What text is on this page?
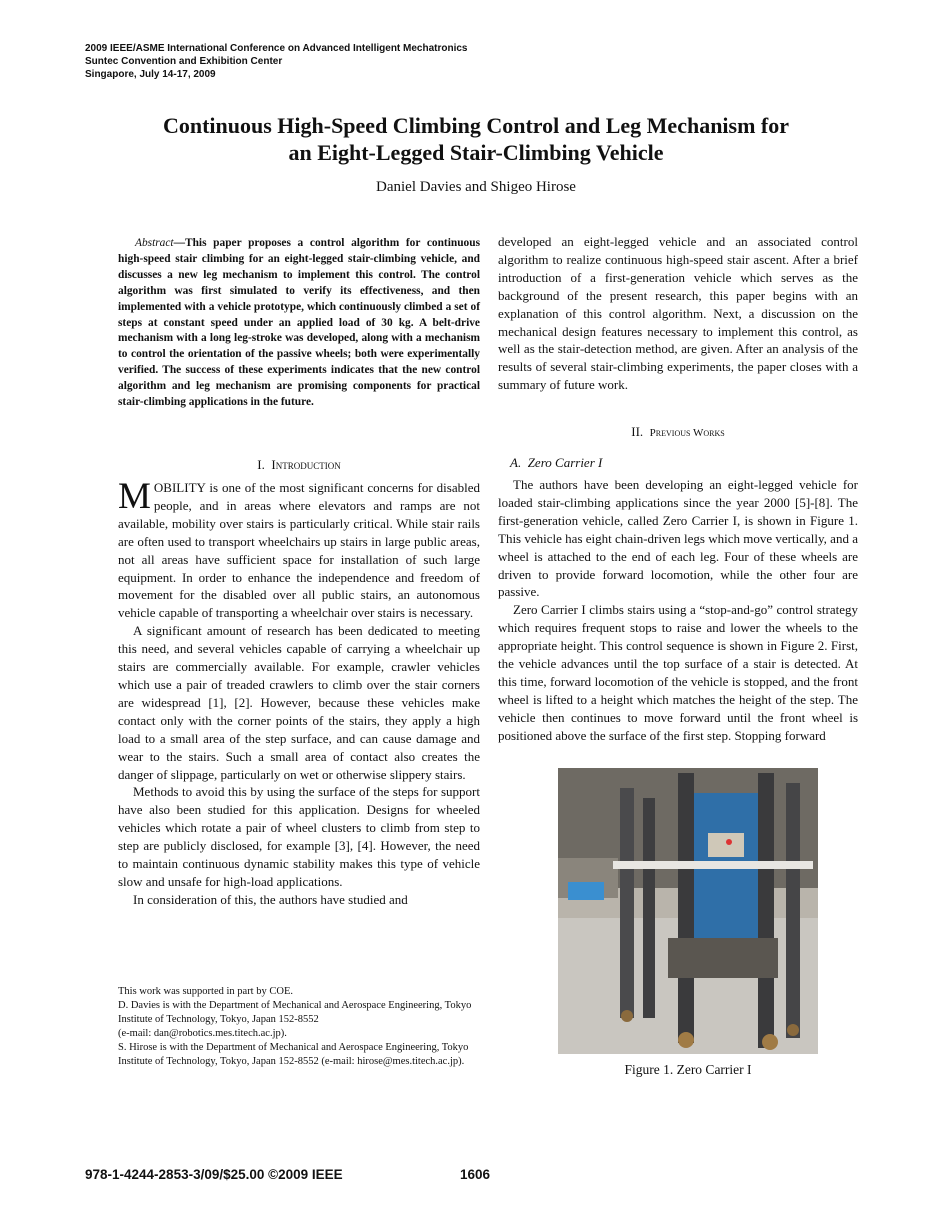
2009 IEEE/ASME International Conference on Advanced Intelligent Mechatronics
Suntec Convention and Exhibition Center
Singapore, July 14-17, 2009
Continuous High-Speed Climbing Control and Leg Mechanism for
an Eight-Legged Stair-Climbing Vehicle
Daniel Davies and Shigeo Hirose
Abstract—This paper proposes a control algorithm for continuous high-speed stair climbing for an eight-legged stair-climbing vehicle, and discusses a new leg mechanism to implement this control. The control algorithm was first simulated to verify its effectiveness, and then implemented with a vehicle prototype, which continuously climbed a set of steps at constant speed under an applied load of 30 kg. A belt-drive mechanism with a long leg-stroke was developed, along with a mechanism to control the orientation of the passive wheels; both were experimentally verified. The success of these experiments indicates that the new control algorithm and leg mechanism are promising components for practical stair-climbing applications in the future.
I. Introduction

MOBILITY is one of the most significant concerns for disabled people, and in areas where elevators and ramps are not available, mobility over stairs is particularly critical. While stair rails are often used to transport wheelchairs up stairs in large public areas, not all areas have sufficient space for installation of such large equipment. In order to enhance the independence and freedom of movement for the disabled over all public stairs, an autonomous vehicle capable of transporting a wheelchair over stairs is necessary.

A significant amount of research has been dedicated to meeting this need, and several vehicles capable of carrying a wheelchair up stairs are commercially available. For example, crawler vehicles which use a pair of treaded crawlers to climb over the stair corners are widespread [1], [2]. However, because these vehicles make contact only with the corner points of the stairs, they apply a high load to a small area of the step surface, and can cause damage and wear to the stairs. Such a small area of contact also creates the danger of slippage, particularly on wet or otherwise slippery stairs.

Methods to avoid this by using the surface of the steps for support have also been studied for this application. Designs for wheeled vehicles which rotate a pair of wheel clusters to climb from step to step are publicly disclosed, for example [3], [4]. However, the need to maintain continuous dynamic stability makes this type of vehicle slow and unsafe for high-load applications.

In consideration of this, the authors have studied and

This work was supported in part by COE.
D. Davies is with the Department of Mechanical and Aerospace Engineering, Tokyo Institute of Technology, Tokyo, Japan 152-8552
(e-mail: dan@robotics.mes.titech.ac.jp).
S. Hirose is with the Department of Mechanical and Aerospace Engineering, Tokyo Institute of Technology, Tokyo, Japan 152-8552 (e-mail: hirose@mes.titech.ac.jp).

developed an eight-legged vehicle and an associated control algorithm to realize continuous high-speed stair ascent. After a brief introduction of a first-generation vehicle which serves as the background of the present research, this paper begins with an explanation of this control algorithm. Next, a discussion on the mechanical design features necessary to implement this control, as well as the stair-detection method, are given. After an analysis of the results of several stair-climbing experiments, the paper closes with a summary of future work.

II. Previous Works
A. Zero Carrier I

The authors have been developing an eight-legged vehicle for loaded stair-climbing applications since the year 2000 [5]-[8]. The first-generation vehicle, called Zero Carrier I, is shown in Figure 1. This vehicle has eight chain-driven legs which move vertically, and a wheel is attached to the end of each leg. Four of these wheels are driven to provide forward locomotion, while the other four are passive.

Zero Carrier I climbs stairs using a “stop-and-go” control strategy which requires frequent stops to raise and lower the wheels to the appropriate height. This control sequence is shown in Figure 2. First, the vehicle advances until the top surface of a stair is detected. At this time, forward locomotion of the vehicle is stopped, and the front wheel is lifted to a height which matches the height of the step. The vehicle then continues to move forward until the front wheel is positioned above the surface of the first step. Stopping forward

Figure 1. Zero Carrier I
978-1-4244-2853-3/09/$25.00 ©2009 IEEE	1606
